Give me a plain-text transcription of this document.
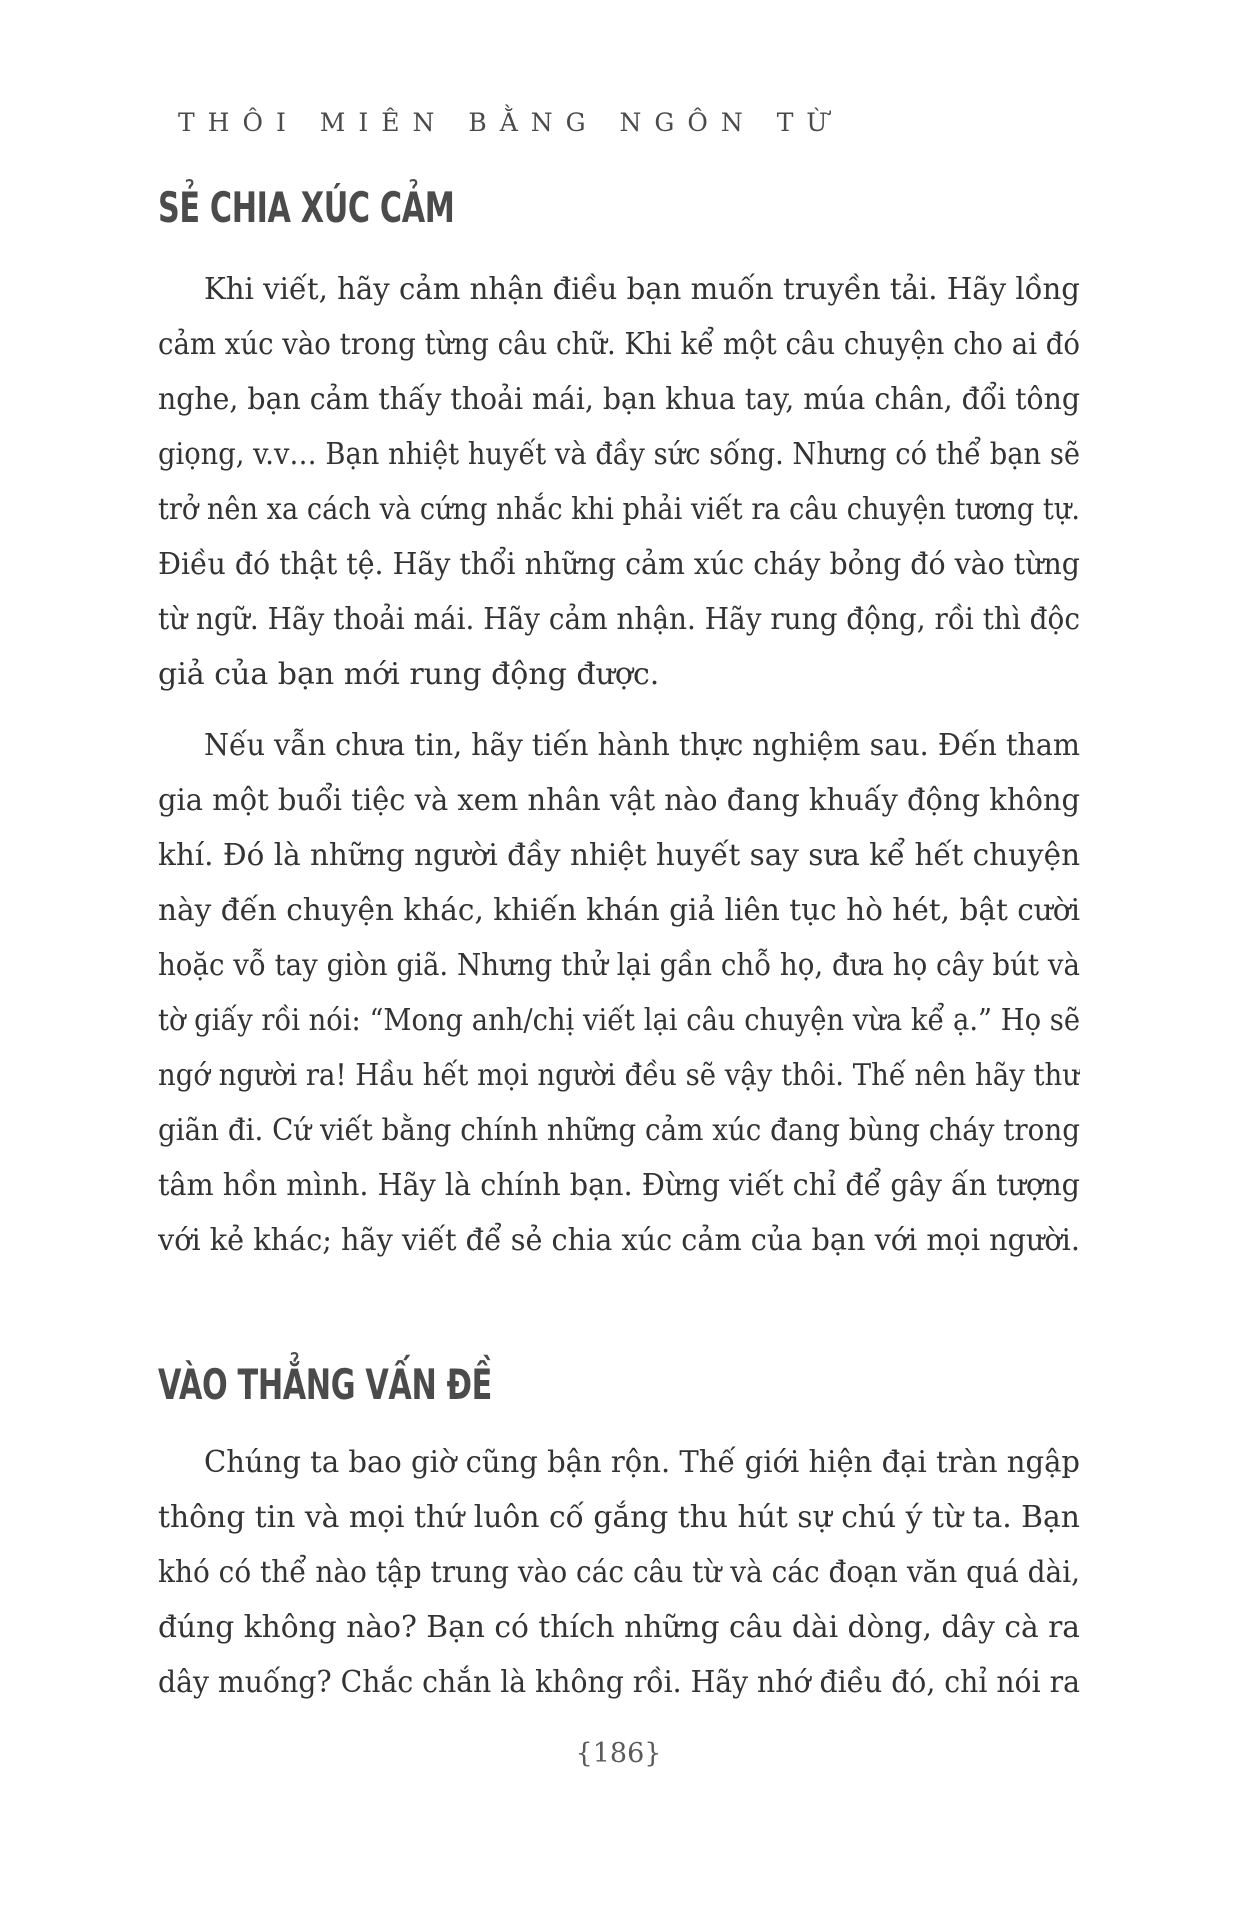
THÔI MIÊN BẰNG NGÔN TỪ
SẺ CHIA XÚC CẢM
Khi viết, hãy cảm nhận điều bạn muốn truyền tải. Hãy lồng
cảm xúc vào trong từng câu chữ. Khi kể một câu chuyện cho ai đó
nghe, bạn cảm thấy thoải mái, bạn khua tay, múa chân, đổi tông
giọng, v.v… Bạn nhiệt huyết và đầy sức sống. Nhưng có thể bạn sẽ
trở nên xa cách và cứng nhắc khi phải viết ra câu chuyện tương tự.
Điều đó thật tệ. Hãy thổi những cảm xúc cháy bỏng đó vào từng
từ ngữ. Hãy thoải mái. Hãy cảm nhận. Hãy rung động, rồi thì độc
giả của bạn mới rung động được.
Nếu vẫn chưa tin, hãy tiến hành thực nghiệm sau. Đến tham
gia một buổi tiệc và xem nhân vật nào đang khuấy động không
khí. Đó là những người đầy nhiệt huyết say sưa kể hết chuyện
này đến chuyện khác, khiến khán giả liên tục hò hét, bật cười
hoặc vỗ tay giòn giã. Nhưng thử lại gần chỗ họ, đưa họ cây bút và
tờ giấy rồi nói: “Mong anh/chị viết lại câu chuyện vừa kể ạ.” Họ sẽ
ngớ người ra! Hầu hết mọi người đều sẽ vậy thôi. Thế nên hãy thư
giãn đi. Cứ viết bằng chính những cảm xúc đang bùng cháy trong
tâm hồn mình. Hãy là chính bạn. Đừng viết chỉ để gây ấn tượng
với kẻ khác; hãy viết để sẻ chia xúc cảm của bạn với mọi người.
VÀO THẲNG VẤN ĐỀ
Chúng ta bao giờ cũng bận rộn. Thế giới hiện đại tràn ngập
thông tin và mọi thứ luôn cố gắng thu hút sự chú ý từ ta. Bạn
khó có thể nào tập trung vào các câu từ và các đoạn văn quá dài,
đúng không nào? Bạn có thích những câu dài dòng, dây cà ra
dây muống? Chắc chắn là không rồi. Hãy nhớ điều đó, chỉ nói ra
{186}
